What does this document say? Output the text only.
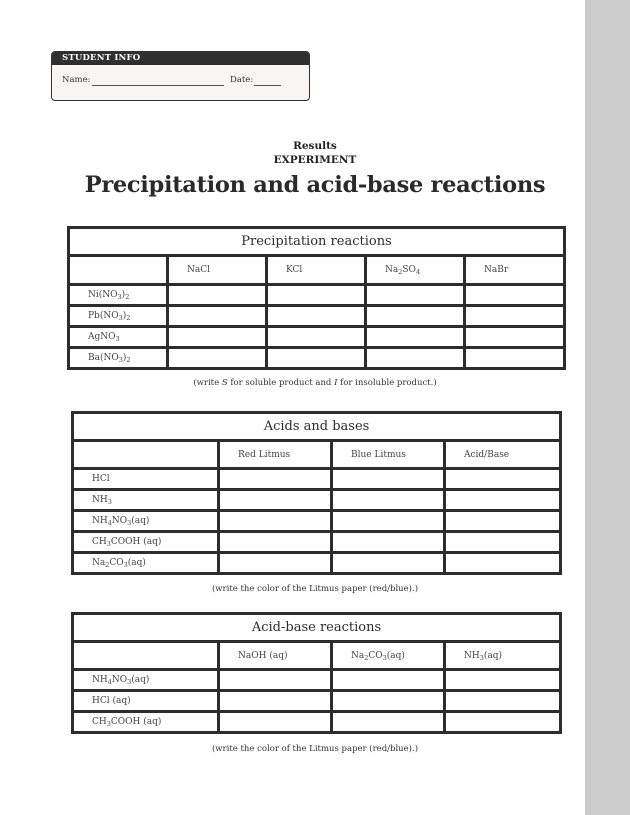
STUDENT INFO
Name:	Date:
Results
EXPERIMENT
Precipitation and acid-base reactions
Precipitation reactions				
	NaCl	KCl	$Na_2SO_4$	NaBr
$Ni(NO_3)_2$				
$Pb(NO_3)_2$				
AgNO$_3$				
$Ba(NO_3)_2$				
(write S for soluble product and I for insoluble product.)
Acids and bases			
	Red Litmus	Blue Litmus	Acid/Base
HCl			
$NH_3$			
$NH_4NO_3(aq)$			
$CH_3COOH$ (aq)			
$Na_2CO_3(aq)$			
(write the color of the Litmus paper (red/blue).)
Acid-base reactions			
	NaOH (aq)	$Na_2CO_3(aq)$	$NH_3(aq)$
$NH_4NO_3(aq)$			
HCl (aq)			
$CH_3COOH$ (aq)			
(write the color of the Litmus paper (red/blue).)
